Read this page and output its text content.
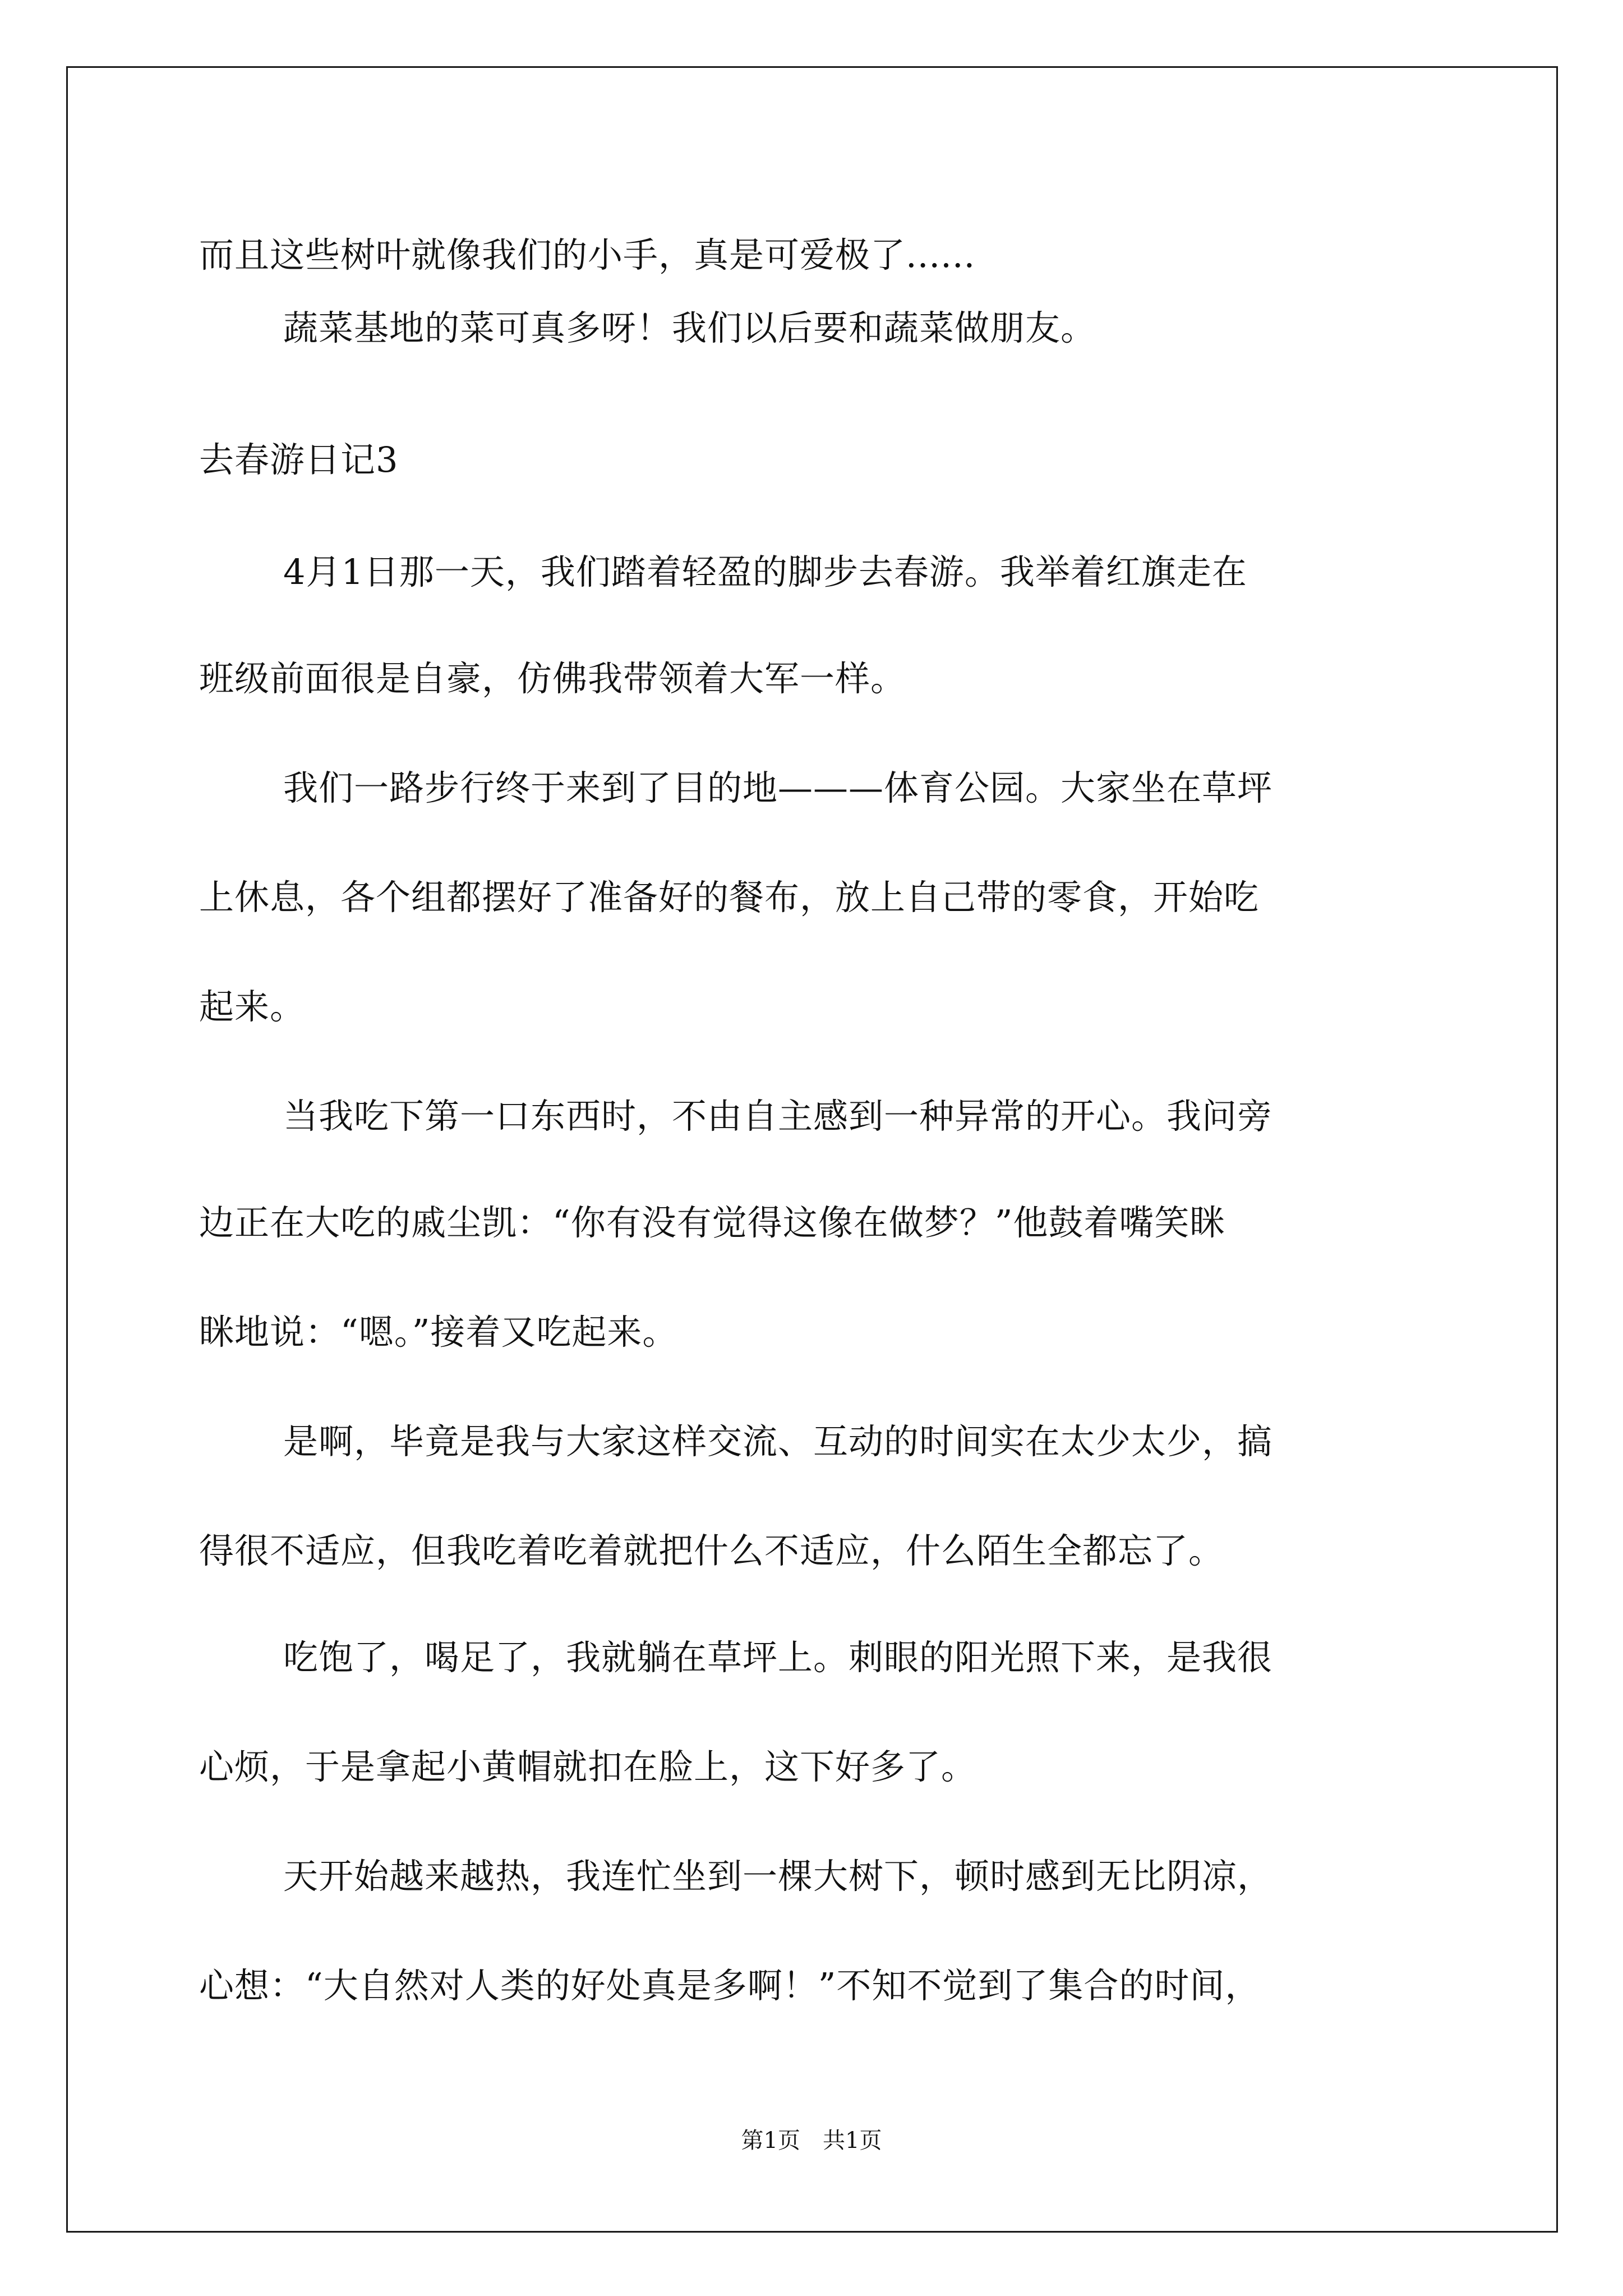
而且这些树叶就像我们的小手，真是可爱极了......
蔬菜基地的菜可真多呀！我们以后要和蔬菜做朋友。
去春游日记3
4月1日那一天，我们踏着轻盈的脚步去春游。我举着红旗走在
班级前面很是自豪，仿佛我带领着大军一样。
我们一路步行终于来到了目的地———体育公园。大家坐在草坪
上休息，各个组都摆好了准备好的餐布，放上自己带的零食，开始吃
起来。
当我吃下第一口东西时，不由自主感到一种异常的开心。我问旁
边正在大吃的戚尘凯：“你有没有觉得这像在做梦？”他鼓着嘴笑眯
眯地说：“嗯。”接着又吃起来。
是啊，毕竟是我与大家这样交流、互动的时间实在太少太少，搞
得很不适应，但我吃着吃着就把什么不适应，什么陌生全都忘了。
吃饱了，喝足了，我就躺在草坪上。刺眼的阳光照下来，是我很
心烦，于是拿起小黄帽就扣在脸上，这下好多了。
天开始越来越热，我连忙坐到一棵大树下，顿时感到无比阴凉，
心想：“大自然对人类的好处真是多啊！”不知不觉到了集合的时间，
第1页　共1页
